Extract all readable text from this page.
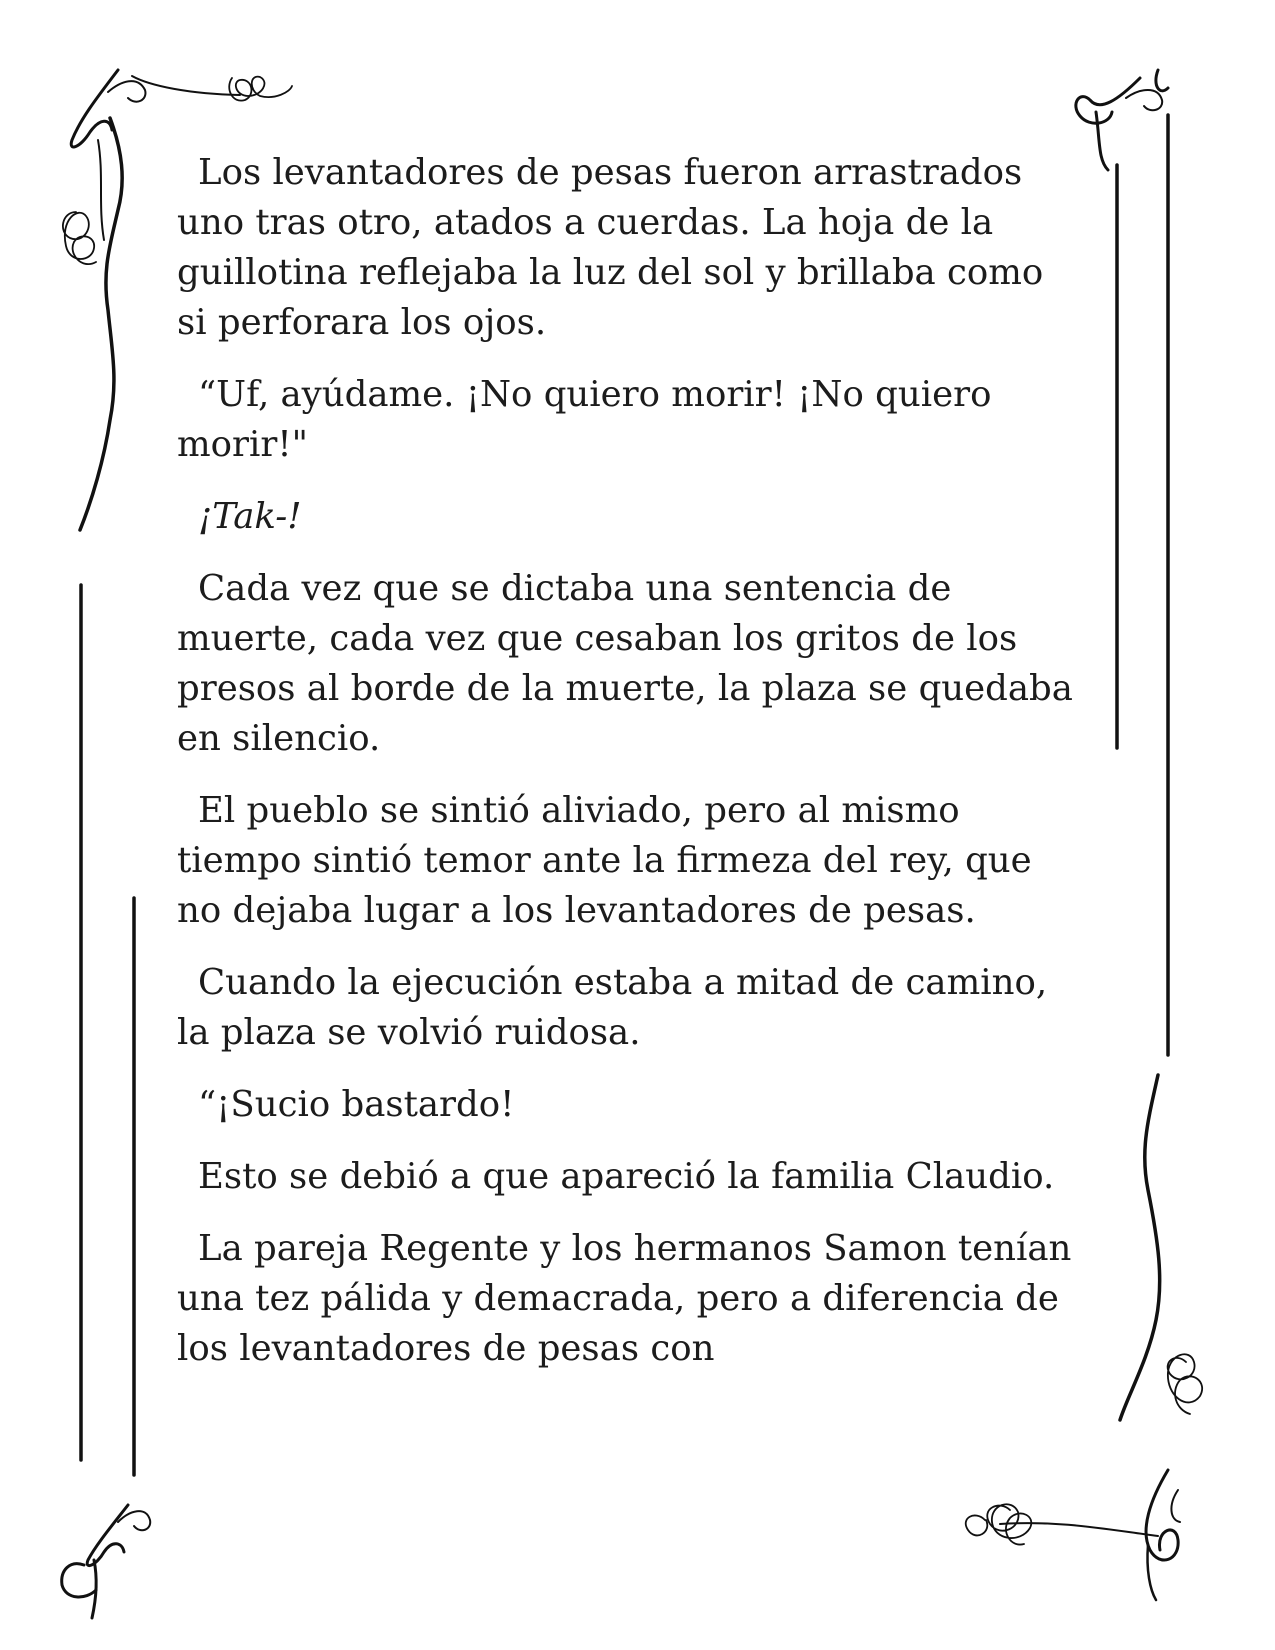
Los levantadores de pesas fueron arrastrados uno tras otro, atados a cuerdas. La hoja de la guillotina reflejaba la luz del sol y brillaba como si perforara los ojos.

“Uf, ayúdame. ¡No quiero morir! ¡No quiero morir!"

¡Tak-!

Cada vez que se dictaba una sentencia de muerte, cada vez que cesaban los gritos de los presos al borde de la muerte, la plaza se quedaba en silencio.

El pueblo se sintió aliviado, pero al mismo tiempo sintió temor ante la firmeza del rey, que no dejaba lugar a los levantadores de pesas.

Cuando la ejecución estaba a mitad de camino, la plaza se volvió ruidosa.

“¡Sucio bastardo!

Esto se debió a que apareció la familia Claudio.

La pareja Regente y los hermanos Samon tenían una tez pálida y demacrada, pero a diferencia de los levantadores de pesas con
